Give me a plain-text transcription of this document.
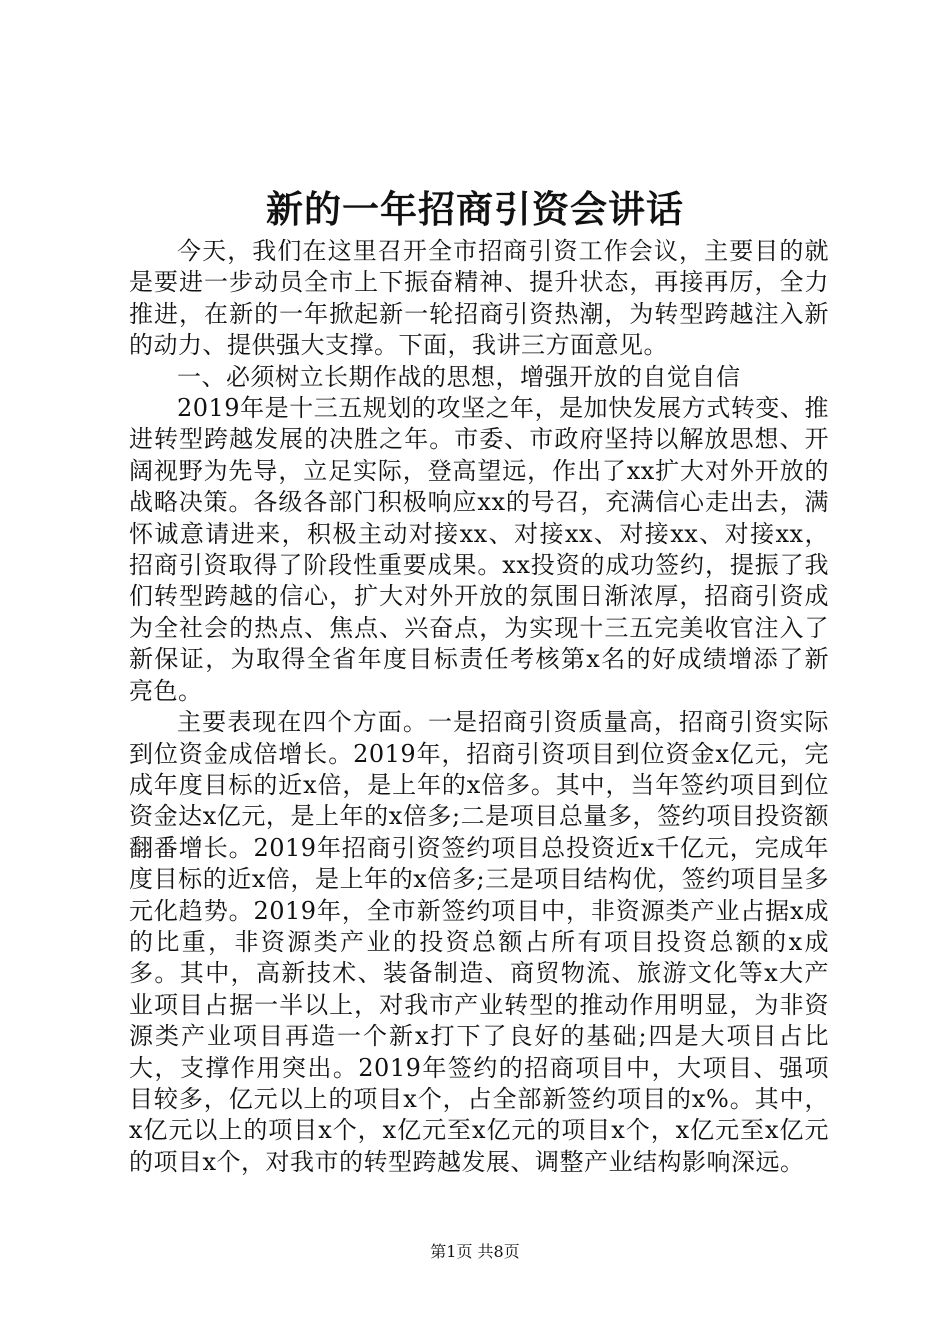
新的一年招商引资会讲话

今天，我们在这里召开全市招商引资工作会议，主要目的就是要进一步动员全市上下振奋精神、提升状态，再接再厉，全力推进，在新的一年掀起新一轮招商引资热潮，为转型跨越注入新的动力、提供强大支撑。下面，我讲三方面意见。

一、必须树立长期作战的思想，增强开放的自觉自信

2019年是十三五规划的攻坚之年，是加快发展方式转变、推进转型跨越发展的决胜之年。市委、市政府坚持以解放思想、开阔视野为先导，立足实际，登高望远，作出了xx扩大对外开放的战略决策。各级各部门积极响应xx的号召，充满信心走出去，满怀诚意请进来，积极主动对接xx、对接xx、对接xx、对接xx，招商引资取得了阶段性重要成果。xx投资的成功签约，提振了我们转型跨越的信心，扩大对外开放的氛围日渐浓厚，招商引资成为全社会的热点、焦点、兴奋点，为实现十三五完美收官注入了新保证，为取得全省年度目标责任考核第x名的好成绩增添了新亮色。

主要表现在四个方面。一是招商引资质量高，招商引资实际到位资金成倍增长。2019年，招商引资项目到位资金x亿元，完成年度目标的近x倍，是上年的x倍多。其中，当年签约项目到位资金达x亿元，是上年的x倍多;二是项目总量多，签约项目投资额翻番增长。2019年招商引资签约项目总投资近x千亿元，完成年度目标的近x倍，是上年的x倍多;三是项目结构优，签约项目呈多元化趋势。2019年，全市新签约项目中，非资源类产业占据x成的比重，非资源类产业的投资总额占所有项目投资总额的x成多。其中，高新技术、装备制造、商贸物流、旅游文化等x大产业项目占据一半以上，对我市产业转型的推动作用明显，为非资源类产业项目再造一个新x打下了良好的基础;四是大项目占比大，支撑作用突出。2019年签约的招商项目中，大项目、强项目较多，亿元以上的项目x个，占全部新签约项目的x%。其中，x亿元以上的项目x个，x亿元至x亿元的项目x个，x亿元至x亿元的项目x个，对我市的转型跨越发展、调整产业结构影响深远。

第1页 共8页
